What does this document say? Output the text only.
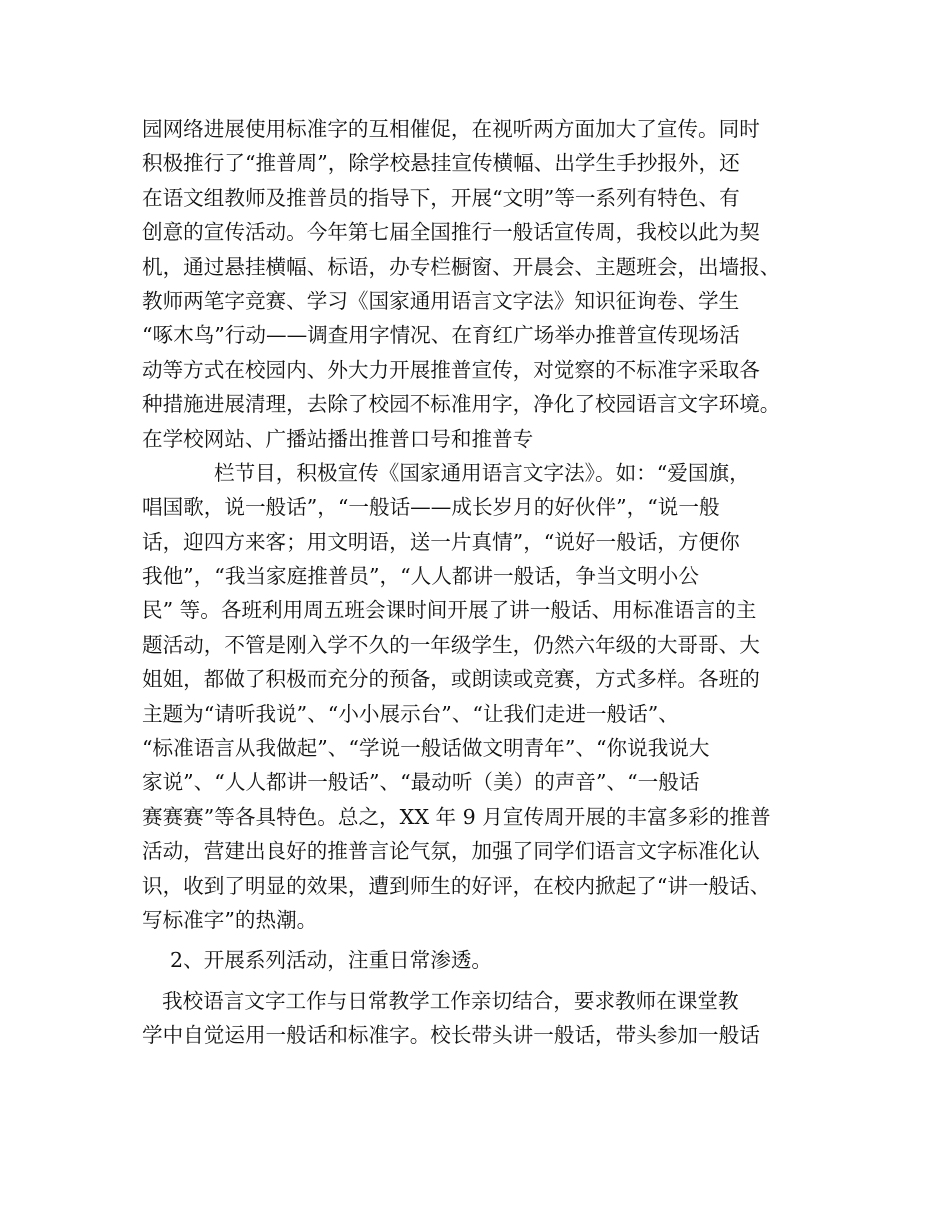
园网络进展使用标准字的互相催促，在视听两方面加大了宣传。同时
积极推行了“推普周”，除学校悬挂宣传横幅、出学生手抄报外，还
在语文组教师及推普员的指导下，开展“文明”等一系列有特色、有
创意的宣传活动。今年第七届全国推行一般话宣传周，我校以此为契
机，通过悬挂横幅、标语，办专栏橱窗、开晨会、主题班会，出墙报、
教师两笔字竞赛、学习《国家通用语言文字法》知识征询卷、学生
“啄木鸟”行动——调查用字情况、在育红广场举办推普宣传现场活
动等方式在校园内、外大力开展推普宣传，对觉察的不标准字采取各
种措施进展清理，去除了校园不标准用字，净化了校园语言文字环境。
在学校网站、广播站播出推普口号和推普专
栏节目，积极宣传《国家通用语言文字法》。如：“爱国旗，
唱国歌，说一般话”，“一般话——成长岁月的好伙伴”，“说一般
话，迎四方来客；用文明语，送一片真情”，“说好一般话，方便你
我他”，“我当家庭推普员”，“人人都讲一般话，争当文明小公
民” 等。各班利用周五班会课时间开展了讲一般话、用标准语言的主
题活动，不管是刚入学不久的一年级学生，仍然六年级的大哥哥、大
姐姐，都做了积极而充分的预备，或朗读或竞赛，方式多样。各班的
主题为“请听我说”、“小小展示台”、“让我们走进一般话”、
“标准语言从我做起”、“学说一般话做文明青年”、“你说我说大
家说”、“人人都讲一般话”、“最动听（美）的声音”、“一般话
赛赛赛”等各具特色。总之，XX 年 9 月宣传周开展的丰富多彩的推普
活动，营建出良好的推普言论气氛，加强了同学们语言文字标准化认
识，收到了明显的效果，遭到师生的好评，在校内掀起了“讲一般话、
写标准字”的热潮。
2、开展系列活动，注重日常渗透。
我校语言文字工作与日常教学工作亲切结合，要求教师在课堂教
学中自觉运用一般话和标准字。校长带头讲一般话，带头参加一般话
